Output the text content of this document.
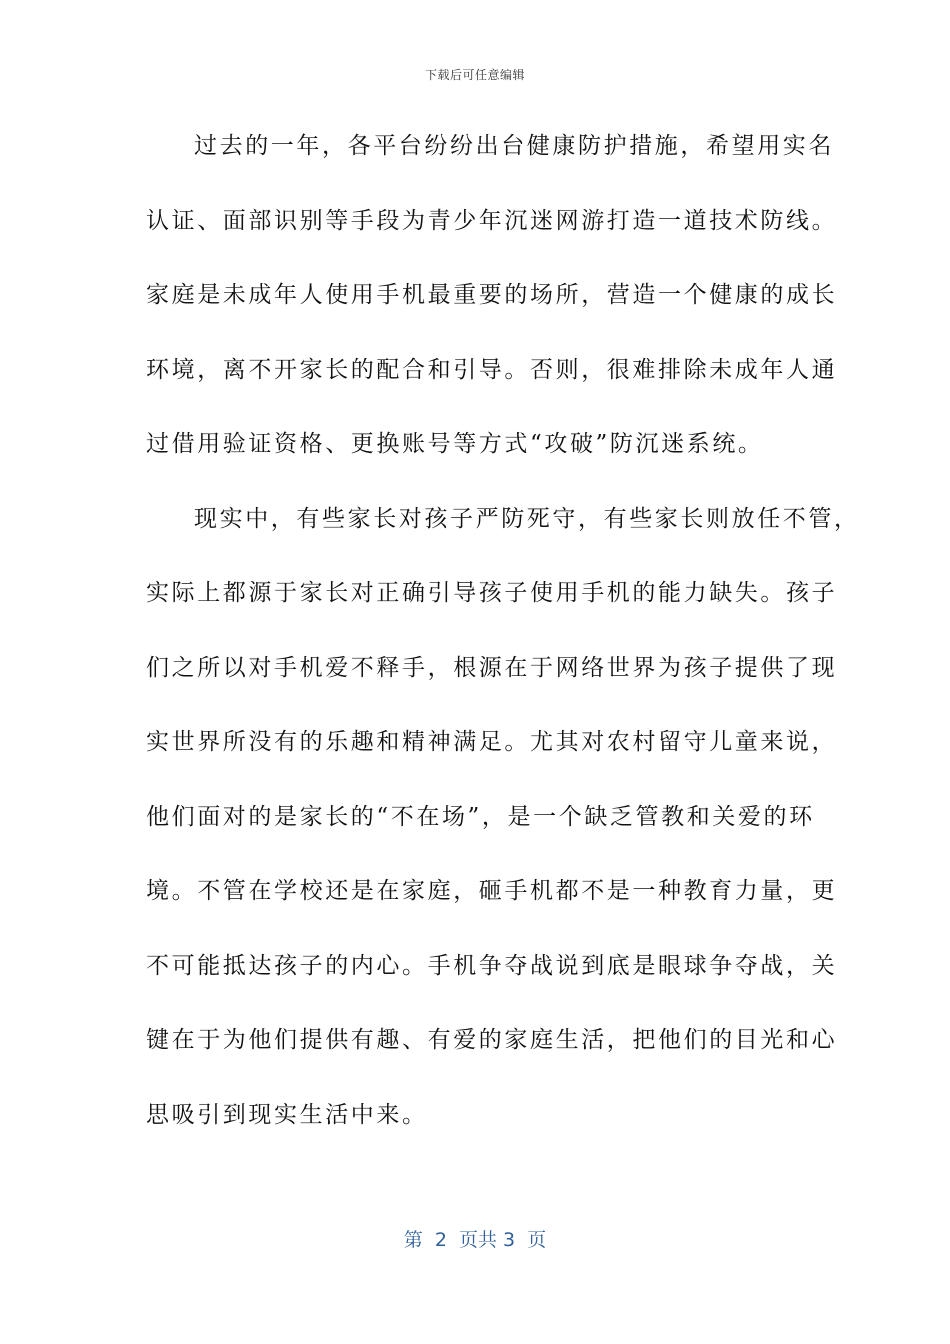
下载后可任意编辑
过去的一年，各平台纷纷出台健康防护措施，希望用实名
认证、面部识别等手段为青少年沉迷网游打造一道技术防线。
家庭是未成年人使用手机最重要的场所，营造一个健康的成长
环境，离不开家长的配合和引导。否则，很难排除未成年人通
过借用验证资格、更换账号等方式“攻破”防沉迷系统。
现实中，有些家长对孩子严防死守，有些家长则放任不管，
实际上都源于家长对正确引导孩子使用手机的能力缺失。孩子
们之所以对手机爱不释手，根源在于网络世界为孩子提供了现
实世界所没有的乐趣和精神满足。尤其对农村留守儿童来说，
他们面对的是家长的“不在场”，是一个缺乏管教和关爱的环
境。不管在学校还是在家庭，砸手机都不是一种教育力量，更
不可能抵达孩子的内心。手机争夺战说到底是眼球争夺战，关
键在于为他们提供有趣、有爱的家庭生活，把他们的目光和心
思吸引到现实生活中来。
第  2  页共 3  页
